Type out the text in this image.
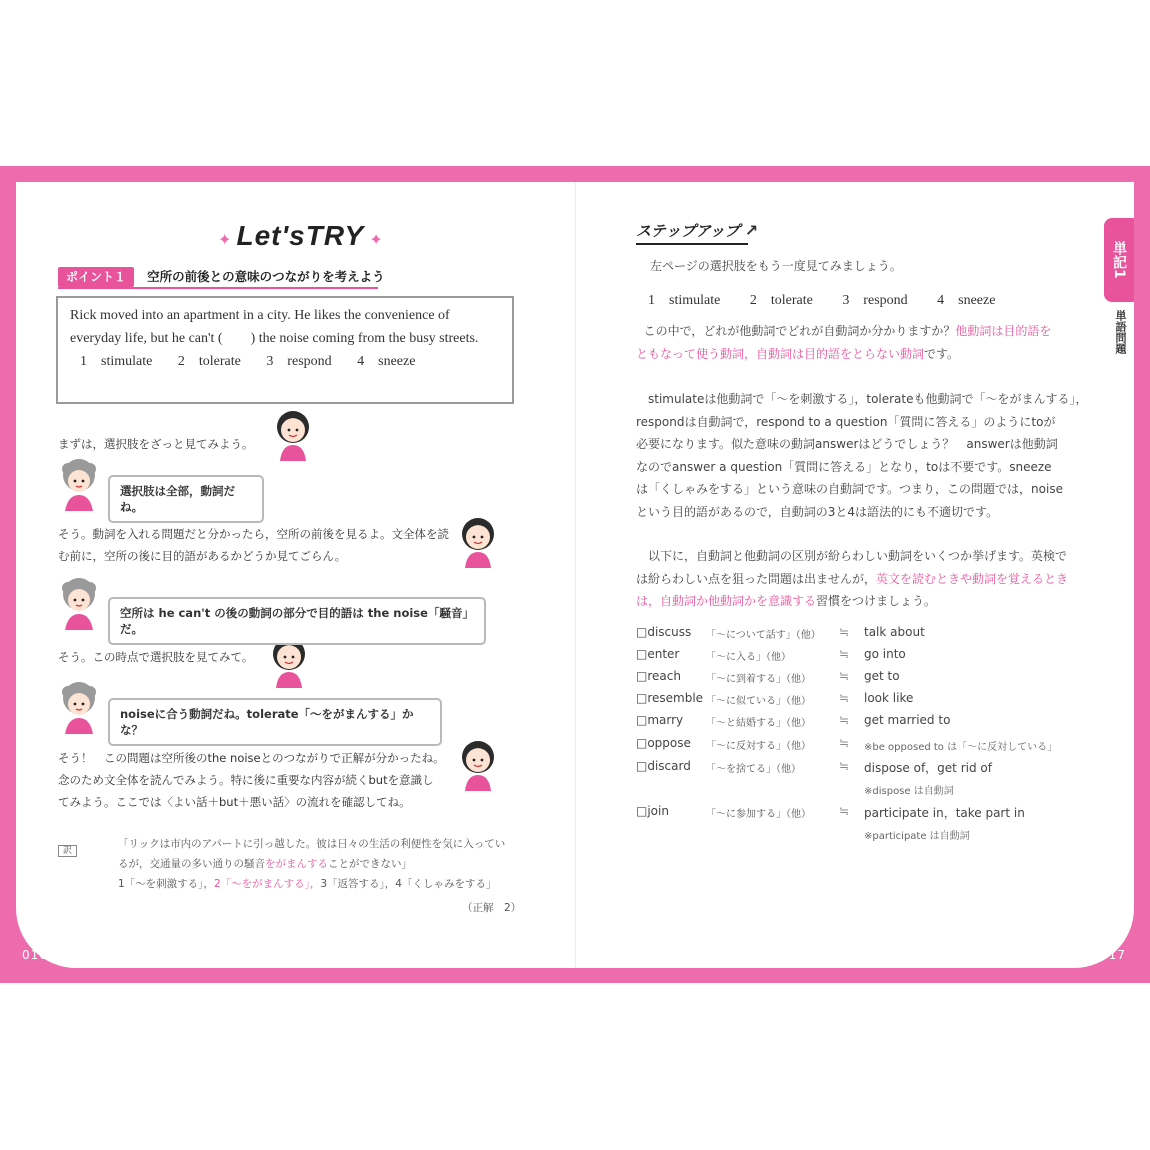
✦ Let'sTRY ✦
ポイント１ 空所の前後との意味のつながりを考えよう
Rick moved into an apartment in a city. He likes the convenience of everyday life, but he can't (　　) the noise coming from the busy streets.
1　stimulate 2　tolerate 3　respond 4　sneeze
まずは，選択肢をざっと見てみよう。
選択肢は全部，動詞だね。
そう。動詞を入れる問題だと分かったら，空所の前後を見るよ。文全体を読
む前に，空所の後に目的語があるかどうか見てごらん。
空所は he can't の後の動詞の部分で目的語は the noise「騒音」だ。
そう。この時点で選択肢を見てみて。
noiseに合う動詞だね。tolerate「〜をがまんする」かな？
そう！　この問題は空所後のthe noiseとのつながりで正解が分かったね。
念のため文全体を読んでみよう。特に後に重要な内容が続くbutを意識し
てみよう。ここでは〈よい話＋but＋悪い話〉の流れを確認してね。
訳
「リックは市内のアパートに引っ越した。彼は日々の生活の利便性を気に入ってい
るが，交通量の多い通りの騒音をがまんすることができない」
1「〜を刺激する」，2「〜をがまんする」，3「返答する」，4「くしゃみをする」
（正解　2）
016
ステップアップ ↗
左ページの選択肢をもう一度見てみましょう。
1　stimulate 2　tolerate 3　respond 4　sneeze
この中で，どれが他動詞でどれが自動詞か分かりますか？他動詞は目的語を
ともなって使う動詞，自動詞は目的語をとらない動詞です。
stimulateは他動詞で「〜を刺激する」，tolerateも他動詞で「〜をがまんする」，
respondは自動詞で，respond to a question「質問に答える」のようにtoが
必要になります。似た意味の動詞answerはどうでしょう？　answerは他動詞
なのでanswer a question「質問に答える」となり，toは不要です。sneeze
は「くしゃみをする」という意味の自動詞です。つまり，この問題では，noise
という目的語があるので，自動詞の3と4は語法的にも不適切です。
以下に，自動詞と他動詞の区別が紛らわしい動詞をいくつか挙げます。英検で
は紛らわしい点を狙った問題は出ませんが，英文を読むときや動詞を覚えるとき
は，自動詞か他動詞かを意識する習慣をつけましょう。
□discuss 「〜について話す」（他） ≒ talk about
□enter	「〜に入る」（他）	≒ go into
□reach	「〜に到着する」（他） ≒ get to
□resemble 「〜に似ている」（他） ≒ look like
□marry 「〜と結婚する」（他） ≒ get married to
□oppose 「〜に反対する」（他） ≒ ※be opposed to は「〜に反対している」
□discard 「〜を捨てる」（他）	≒ dispose of，get rid of
※dispose は自動詞
□join	「〜に参加する」（他） ≒ participate in，take part in
※participate は自動詞
単記1
単語問題
017
